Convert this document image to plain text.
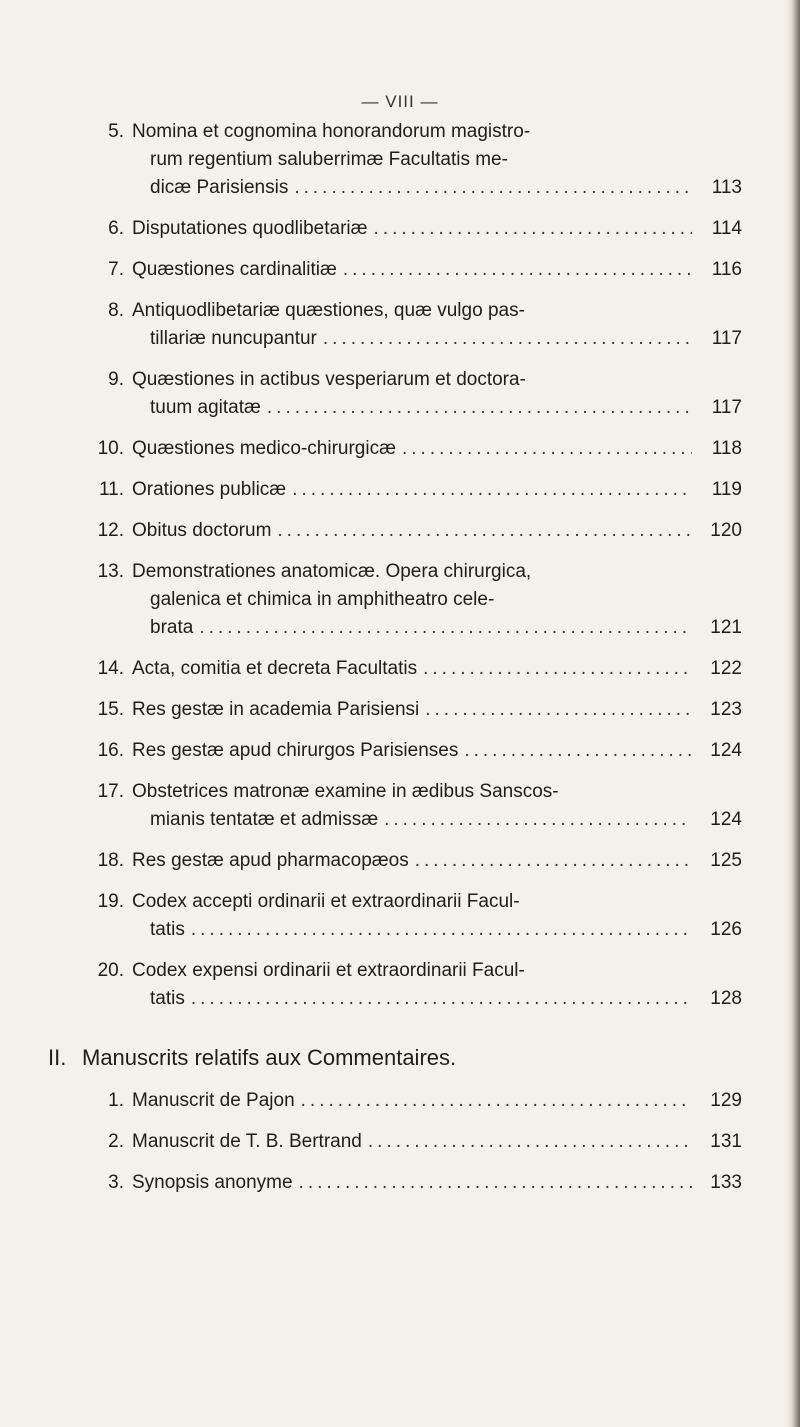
— VIII —
5. Nomina et cognomina honorandorum magistro-
rum regentium saluberrimæ Facultatis me-
dicæ Parisiensis .....	113
6. Disputationes quodlibetariæ .....	114
7. Quæstiones cardinalitiæ .....	116
8. Antiquodlibetariæ quæstiones, quæ vulgo pas-
tillariæ nuncupantur .....	117
9. Quæstiones in actibus vesperiarum et doctora-
tuum agitatæ .....	117
10. Quæstiones medico-chirurgicæ .....	118
11. Orationes publicæ .....	119
12. Obitus doctorum .....	120
13. Demonstrationes anatomicæ. Opera chirurgica,
galenica et chimica in amphitheatro cele-
brata .....	121
14. Acta, comitia et decreta Facultatis .....	122
15. Res gestæ in academia Parisiensi .....	123
16. Res gestæ apud chirurgos Parisienses .....	124
17. Obstetrices matronæ examine in ædibus Sanscos-
mianis tentatæ et admissæ .....	124
18. Res gestæ apud pharmacopæos .....	125
19. Codex accepti ordinarii et extraordinarii Facul-
tatis .....	126
20. Codex expensi ordinarii et extraordinarii Facul-
tatis .....	128
II. Manuscrits relatifs aux Commentaires.
1. Manuscrit de Pajon .....	129
2. Manuscrit de T. B. Bertrand .....	131
3. Synopsis anonyme .....	133
